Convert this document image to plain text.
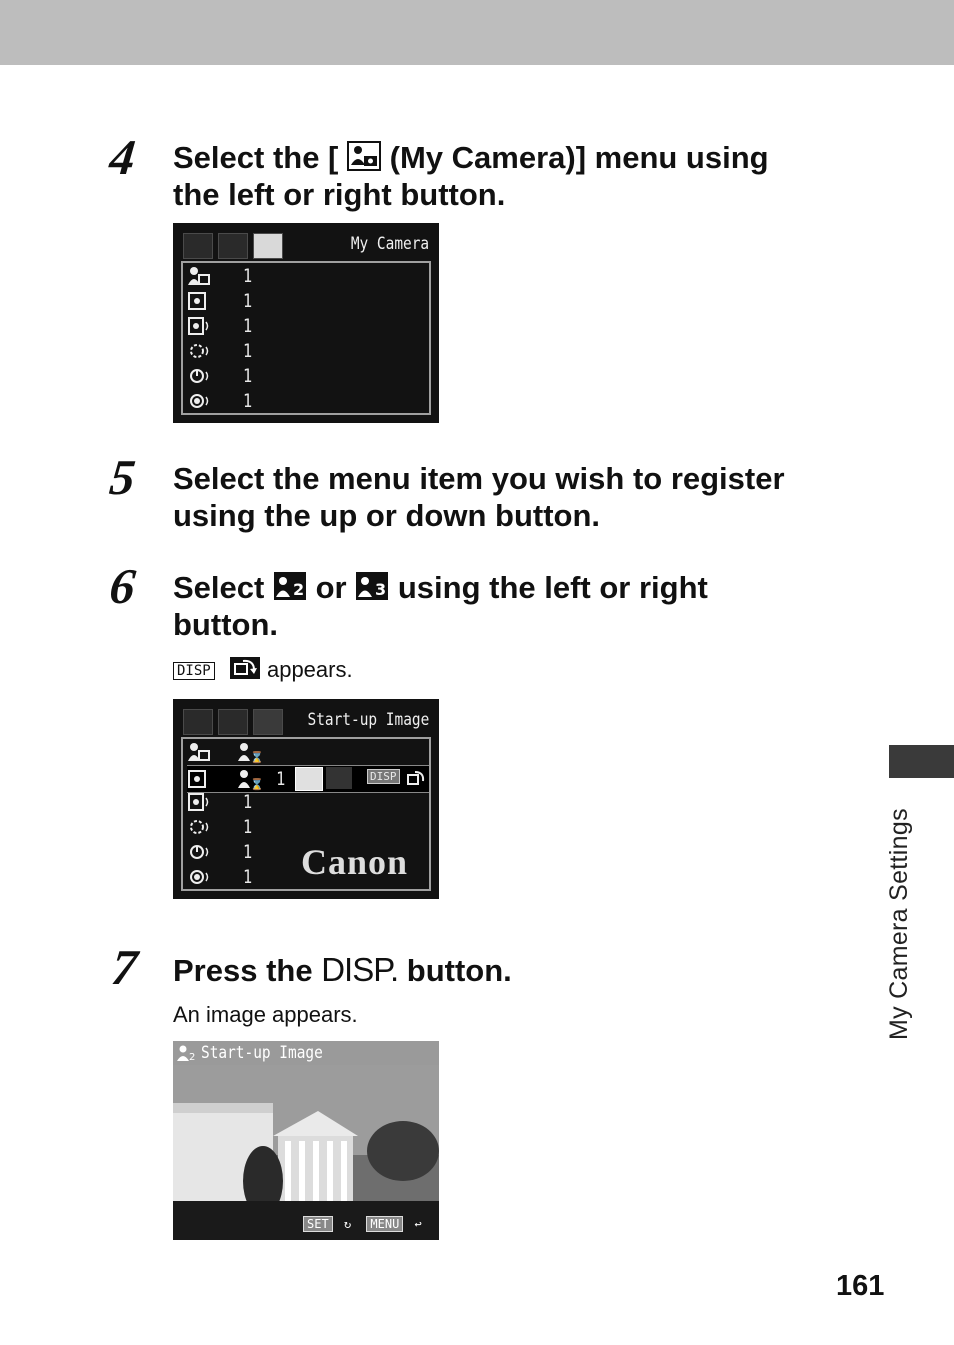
4 Select the [ (My Camera)] menu using
the left or right button.
My Camera
1
1
1
1
1
1
5 Select the menu item you wish to register
using the up or down button.
6 Select 2 or 3 using the left or right
button.
DISP	appears.
Start-up Image
⌛
⌛ 1	DISP
1
1
1
1 Canon
7 Press the DISP. button.
An image appears.
2 Start-up Image
SET ↻ MENU ↩
My Camera Settings
161
